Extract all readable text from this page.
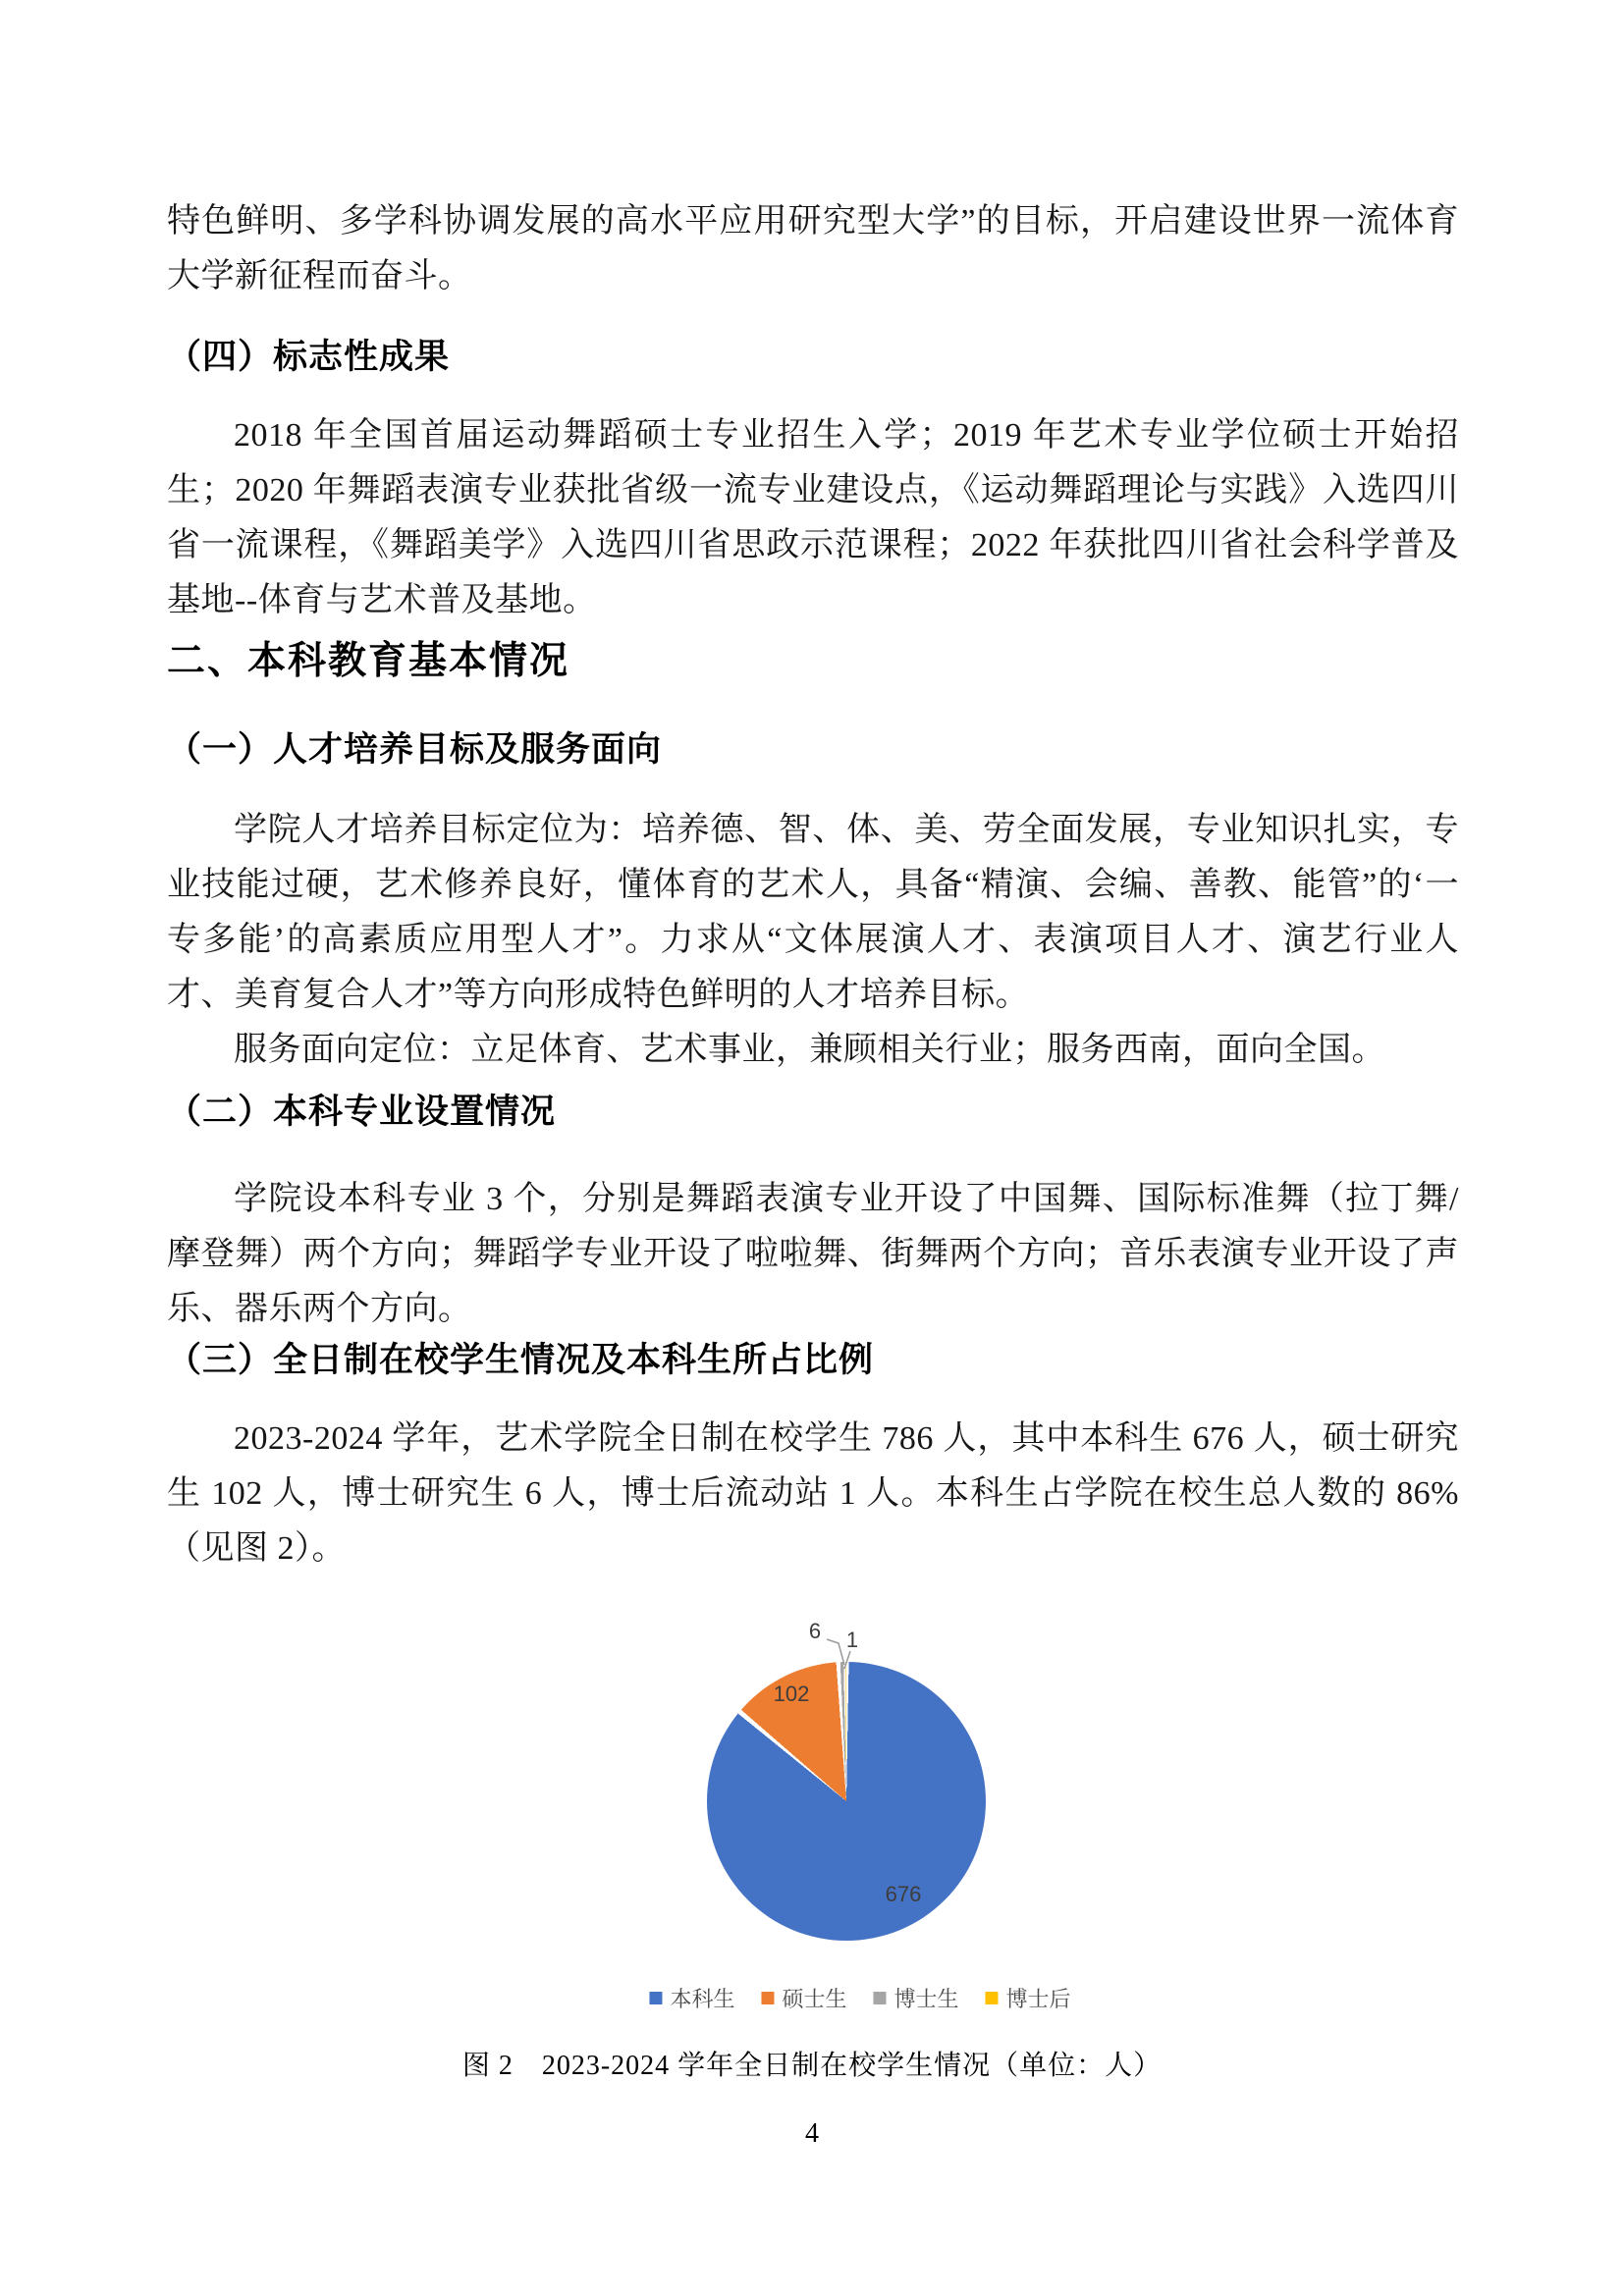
特色鲜明、多学科协调发展的高水平应用研究型大学”的目标，开启建设世界一流体育大学新征程而奋斗。

（四）标志性成果

2018 年全国首届运动舞蹈硕士专业招生入学；2019 年艺术专业学位硕士开始招生；2020 年舞蹈表演专业获批省级一流专业建设点，《运动舞蹈理论与实践》入选四川省一流课程，《舞蹈美学》入选四川省思政示范课程；2022 年获批四川省社会科学普及基地--体育与艺术普及基地。

二、本科教育基本情况
（一）人才培养目标及服务面向

学院人才培养目标定位为：培养德、智、体、美、劳全面发展，专业知识扎实，专业技能过硬，艺术修养良好，懂体育的艺术人，具备“精演、会编、善教、能管”的‘一专多能’的高素质应用型人才”。力求从“文体展演人才、表演项目人才、演艺行业人才、美育复合人才”等方向形成特色鲜明的人才培养目标。

服务面向定位：立足体育、艺术事业，兼顾相关行业；服务西南，面向全国。

（二）本科专业设置情况

学院设本科专业 3 个，分别是舞蹈表演专业开设了中国舞、国际标准舞（拉丁舞/摩登舞）两个方向；舞蹈学专业开设了啦啦舞、街舞两个方向；音乐表演专业开设了声乐、器乐两个方向。

（三）全日制在校学生情况及本科生所占比例

2023-2024 学年，艺术学院全日制在校学生 786 人，其中本科生 676 人，硕士研究生 102 人，博士研究生 6 人，博士后流动站 1 人。本科生占学院在校生总人数的 86%（见图 2）。

6 1
102
676
本科生 硕士生 博士生 博士后
图 2　2023-2024 学年全日制在校学生情况（单位：人）
4
